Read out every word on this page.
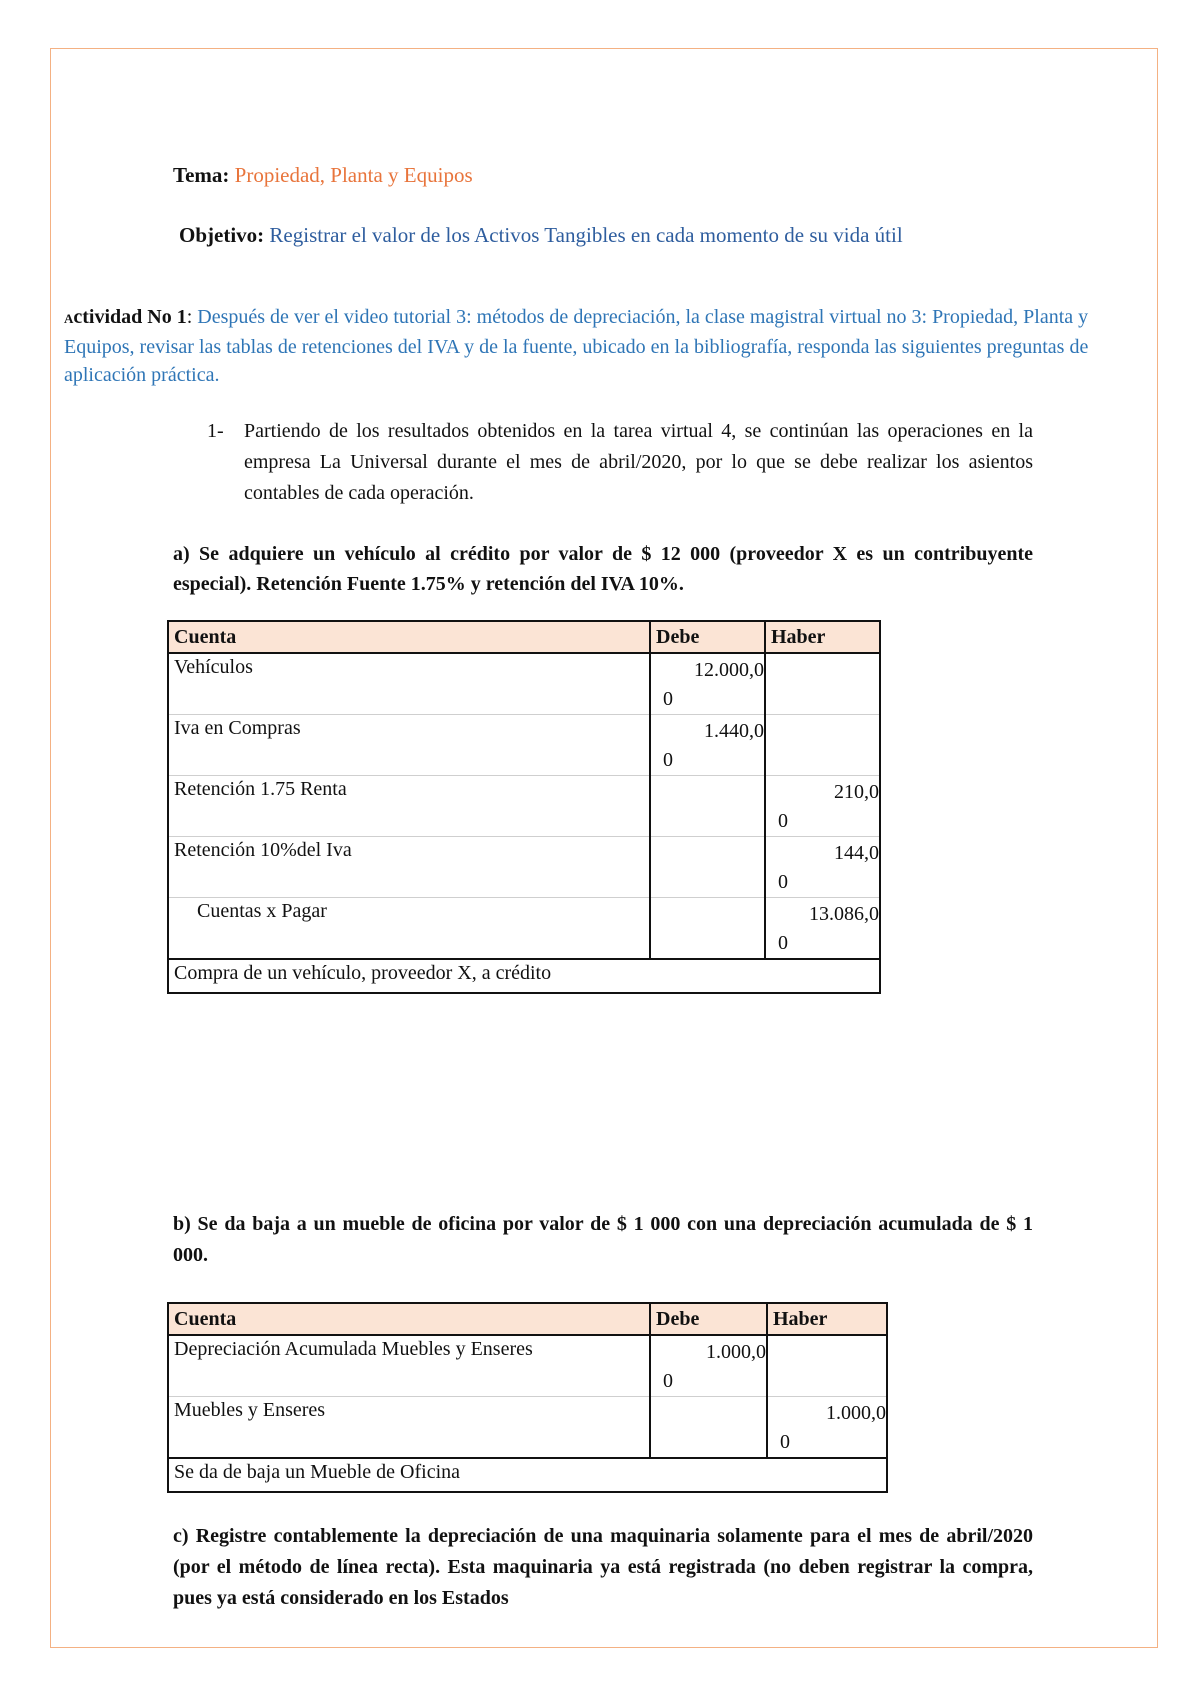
Tema: Propiedad, Planta y Equipos
Objetivo: Registrar el valor de los Activos Tangibles en cada momento de su vida útil
Actividad No 1: Después de ver el video tutorial 3: métodos de depreciación, la clase magistral virtual no 3: Propiedad, Planta y Equipos, revisar las tablas de retenciones del IVA y de la fuente, ubicado en la bibliografía, responda las siguientes preguntas de aplicación práctica.
1- Partiendo de los resultados obtenidos en la tarea virtual 4, se continúan las operaciones en la empresa La Universal durante el mes de abril/2020, por lo que se debe realizar los asientos contables de cada operación.
a) Se adquiere un vehículo al crédito por valor de $ 12 000 (proveedor X es un contribuyente especial). Retención Fuente 1.75% y retención del IVA 10%.
Cuenta	Debe	Haber
Vehículos	12.000,0
0	

Iva en Compras	1.440,0
0	

Retención 1.75 Renta		210,0
0

Retención 10%del Iva		144,0
0

Cuentas x Pagar		13.086,0
0

Compra de un vehículo, proveedor X, a crédito		
b) Se da baja a un mueble de oficina por valor de $ 1 000 con una depreciación acumulada de $ 1 000.
Cuenta	Debe	Haber
Depreciación Acumulada Muebles y Enseres	1.000,0
0	

Muebles y Enseres		1.000,0
0

Se da de baja un Mueble de Oficina		
c) Registre contablemente la depreciación de una maquinaria solamente para el mes de abril/2020 (por el método de línea recta). Esta maquinaria ya está registrada (no deben registrar la compra, pues ya está considerado en los Estados
